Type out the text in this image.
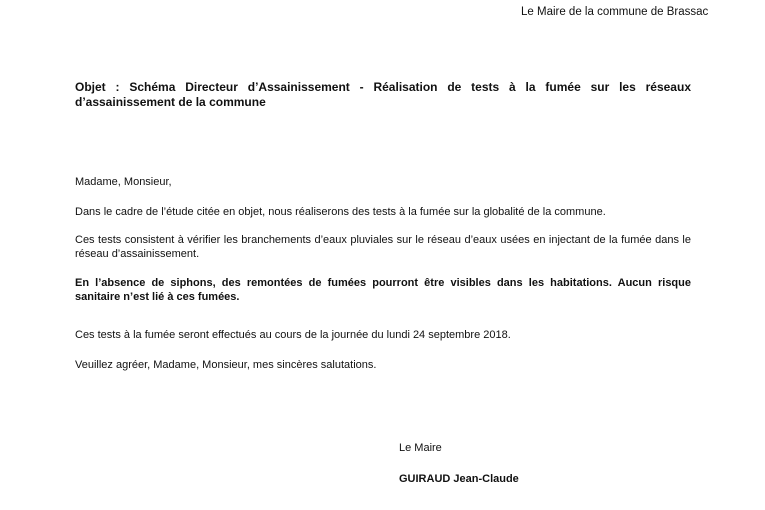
Le Maire de la commune de Brassac
Objet : Schéma Directeur d’Assainissement - Réalisation de tests à la fumée sur les réseaux d’assainissement de la commune

Madame, Monsieur,

Dans le cadre de l’étude citée en objet, nous réaliserons des tests à la fumée sur la globalité de la commune.

Ces tests consistent à vérifier les branchements d’eaux pluviales sur le réseau d’eaux usées en injectant de la fumée dans le réseau d’assainissement.

En l’absence de siphons, des remontées de fumées pourront être visibles dans les habitations. Aucun risque sanitaire n’est lié à ces fumées.

Ces tests à la fumée seront effectués au cours de la journée du lundi 24 septembre 2018.

Veuillez agréer, Madame, Monsieur, mes sincères salutations.

Le Maire
GUIRAUD Jean-Claude
